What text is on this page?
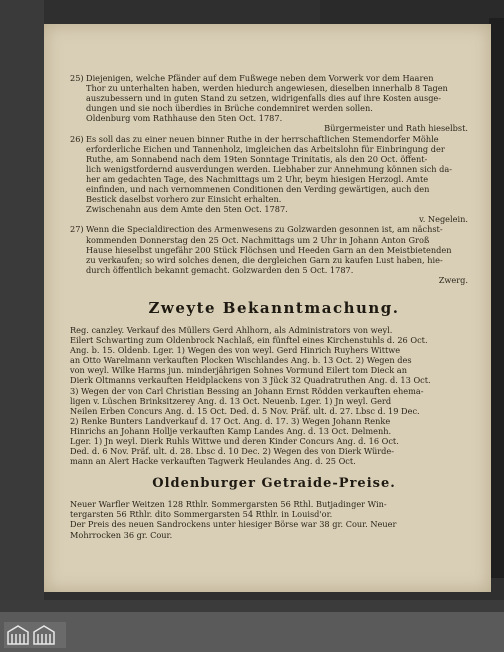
25) Diejenigen, welche Pfänder auf dem Fußwege neben dem Vorwerk vor dem Haaren
Thor zu unterhalten haben, werden hiedurch angewiesen, dieselben innerhalb 8 Tagen
auszubessern und in guten Stand zu setzen, widrigenfalls dies auf ihre Kosten ausge-
dungen und sie noch überdies in Brüche condemniret werden sollen.
Oldenburg vom Rathhause den 5ten Oct. 1787.
Bürgermeister und Rath hieselbst.
26) Es soll das zu einer neuen binner Ruthe in der herrschaftlichen Stemendorfer Möhle
erforderliche Eichen und Tannenholz, imgleichen das Arbeitslohn für Einbringung der
Ruthe, am Sonnabend nach dem 19ten Sonntage Trinitatis, als den 20 Oct. öffent-
lich wenigstfordernd ausverdungen werden. Liebhaber zur Annehmung können sich da-
her am gedachten Tage, des Nachmittags um 2 Uhr, beym hiesigen Herzogl. Amte
einfinden, und nach vernommenen Conditionen den Verding gewärtigen, auch den
Bestick daselbst vorhero zur Einsicht erhalten.
Zwischenahn aus dem Amte den 5ten Oct. 1787.
v. Negelein.
27) Wenn die Specialdirection des Armenwesens zu Golzwarden gesonnen ist, am nächst-
kommenden Donnerstag den 25 Oct. Nachmittags um 2 Uhr in Johann Anton Groß
Hause hieselbst ungefähr 200 Stück Flöchsen und Heeden Garn an den Meistbietenden
zu verkaufen; so wird solches denen, die dergleichen Garn zu kaufen Lust haben, hie-
durch öffentlich bekannt gemacht. Golzwarden den 5 Oct. 1787.
Zwerg.
Zweyte Bekanntmachung.
Reg. canzley. Verkauf des Müllers Gerd Ahlhorn, als Administrators von weyl.
Eilert Schwarting zum Oldenbrock Nachlaß, ein fünftel eines Kirchenstuhls d. 26 Oct.
Ang. b. 15. Oldenb. Lger. 1) Wegen des von weyl. Gerd Hinrich Ruyhers Wittwe
an Otto Warelmann verkauften Plocken Wischlandes Ang. b. 13 Oct. 2) Wegen des
von weyl. Wilke Harms jun. minderjährigen Sohnes Vormund Eilert tom Dieck an
Dierk Oltmanns verkauften Heidplackens von 3 Jück 32 Quadratruthen Ang. d. 13 Oct.
3) Wegen der von Carl Christian Bessing an Johann Ernst Rödden verkauften ehema-
ligen v. Lüschen Brinksitzerey Ang. d. 13 Oct. Neuenb. Lger. 1) Jn weyl. Gerd
Neilen Erben Concurs Ang. d. 15 Oct. Ded. d. 5 Nov. Präf. ult. d. 27. Lbsc d. 19 Dec.
2) Renke Bunters Landverkauf d. 17 Oct. Ang. d. 17. 3) Wegen Johann Renke
Hinrichs an Johann Hollje verkauften Kamp Landes Ang. d. 13 Oct. Delmenh.
Lger. 1) Jn weyl. Dierk Ruhls Wittwe und deren Kinder Concurs Ang. d. 16 Oct.
Ded. d. 6 Nov. Präf. ult. d. 28. Lbsc d. 10 Dec. 2) Wegen des von Dierk Würde-
mann an Alert Hacke verkauften Tagwerk Heulandes Ang. d. 25 Oct.
Oldenburger Getraide-Preise.
Neuer Warfler Weitzen 128 Rthlr. Sommergarsten 56 Rthl. Butjadinger Win-
tergarsten 56 Rthlr. dito Sommergarsten 54 Rthlr. in Louisd'or.
Der Preis des neuen Sandrockens unter hiesiger Börse war 38 gr. Cour. Neuer
Mohrrocken 36 gr. Cour.
